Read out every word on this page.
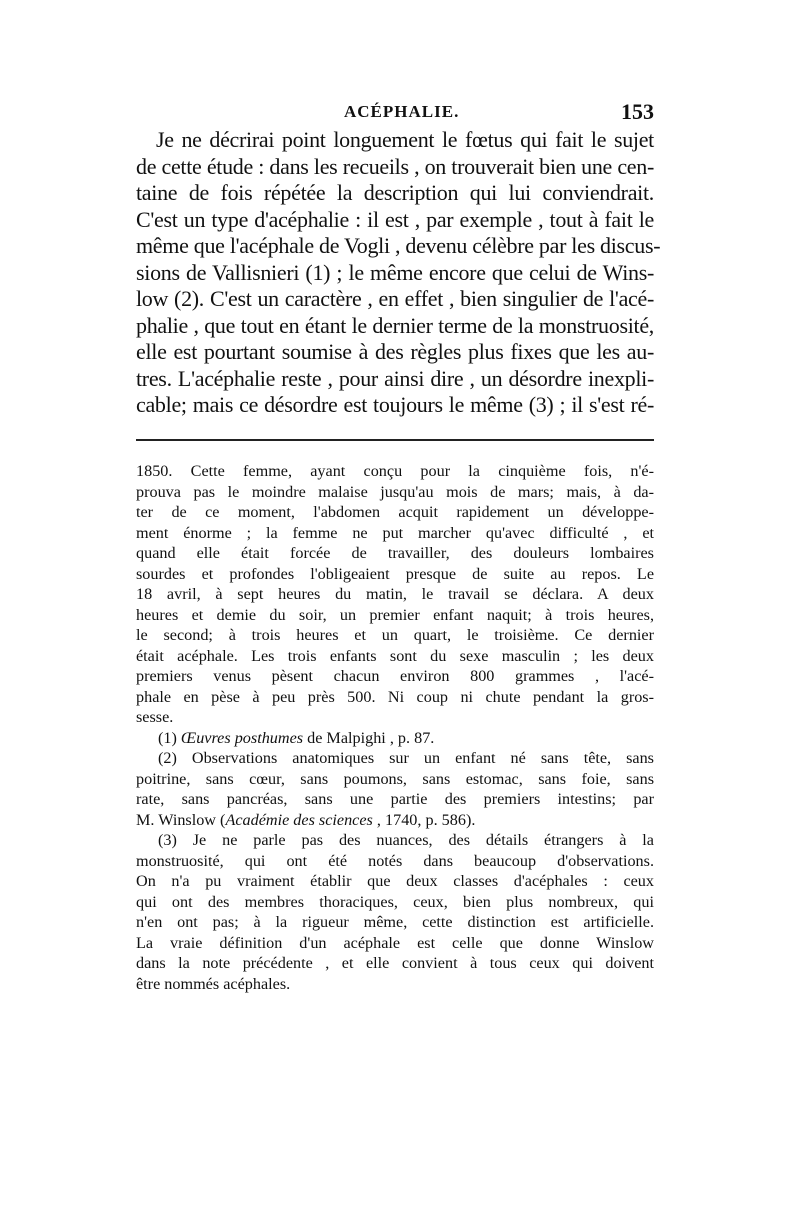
ACÉPHALIE.	153
Je ne décrirai point longuement le fœtus qui fait le sujet
de cette étude : dans les recueils , on trouverait bien une cen-
taine de fois répétée la description qui lui conviendrait.
C'est un type d'acéphalie : il est , par exemple , tout à fait le
même que l'acéphale de Vogli , devenu célèbre par les discus-
sions de Vallisnieri (1) ; le même encore que celui de Wins-
low (2). C'est un caractère , en effet , bien singulier de l'acé-
phalie , que tout en étant le dernier terme de la monstruosité,
elle est pourtant soumise à des règles plus fixes que les au-
tres. L'acéphalie reste , pour ainsi dire , un désordre inexpli-
cable; mais ce désordre est toujours le même (3) ; il s'est ré-
1850. Cette femme, ayant conçu pour la cinquième fois, n'é-
prouva pas le moindre malaise jusqu'au mois de mars; mais, à da-
ter de ce moment, l'abdomen acquit rapidement un développe-
ment énorme ; la femme ne put marcher qu'avec difficulté , et
quand elle était forcée de travailler, des douleurs lombaires
sourdes et profondes l'obligeaient presque de suite au repos. Le
18 avril, à sept heures du matin, le travail se déclara. A deux
heures et demie du soir, un premier enfant naquit; à trois heures,
le second; à trois heures et un quart, le troisième. Ce dernier
était acéphale. Les trois enfants sont du sexe masculin ; les deux
premiers venus pèsent chacun environ 800 grammes , l'acé-
phale en pèse à peu près 500. Ni coup ni chute pendant la gros-
sesse.
(1) Œuvres posthumes de Malpighi , p. 87.
(2) Observations anatomiques sur un enfant né sans tête, sans
poitrine, sans cœur, sans poumons, sans estomac, sans foie, sans
rate, sans pancréas, sans une partie des premiers intestins; par
M. Winslow (Académie des sciences , 1740, p. 586).
(3) Je ne parle pas des nuances, des détails étrangers à la
monstruosité, qui ont été notés dans beaucoup d'observations.
On n'a pu vraiment établir que deux classes d'acéphales : ceux
qui ont des membres thoraciques, ceux, bien plus nombreux, qui
n'en ont pas; à la rigueur même, cette distinction est artificielle.
La vraie définition d'un acéphale est celle que donne Winslow
dans la note précédente , et elle convient à tous ceux qui doivent
être nommés acéphales.
